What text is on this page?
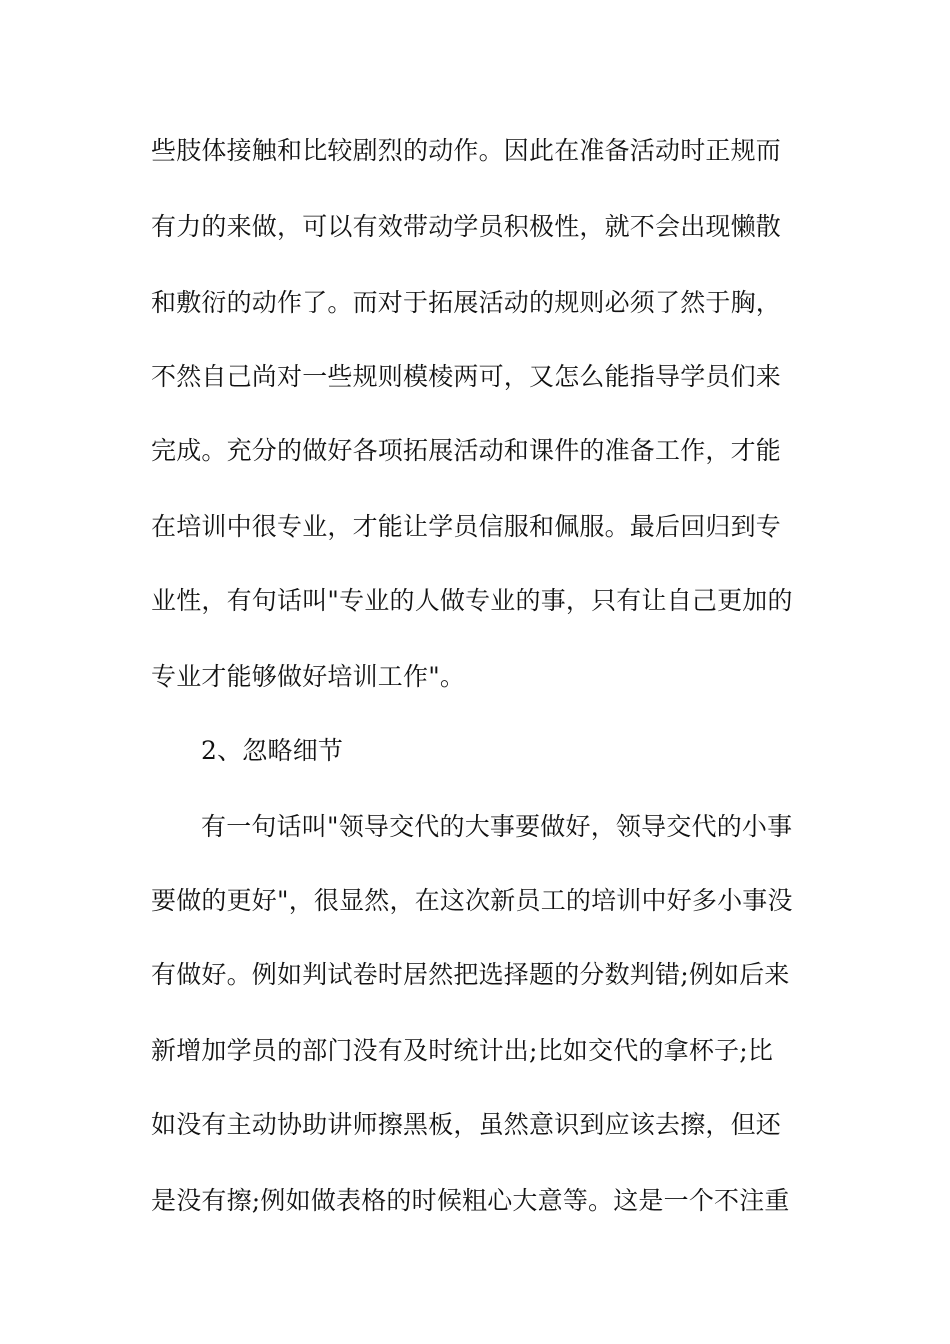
些肢体接触和比较剧烈的动作。因此在准备活动时正规而
有力的来做，可以有效带动学员积极性，就不会出现懒散
和敷衍的动作了。而对于拓展活动的规则必须了然于胸，
不然自己尚对一些规则模棱两可，又怎么能指导学员们来
完成。充分的做好各项拓展活动和课件的准备工作，才能
在培训中很专业，才能让学员信服和佩服。最后回归到专
业性，有句话叫"专业的人做专业的事，只有让自己更加的
专业才能够做好培训工作"。
2、忽略细节
有一句话叫"领导交代的大事要做好，领导交代的小事
要做的更好"，很显然，在这次新员工的培训中好多小事没
有做好。例如判试卷时居然把选择题的分数判错;例如后来
新增加学员的部门没有及时统计出;比如交代的拿杯子;比
如没有主动协助讲师擦黑板，虽然意识到应该去擦，但还
是没有擦;例如做表格的时候粗心大意等。这是一个不注重
